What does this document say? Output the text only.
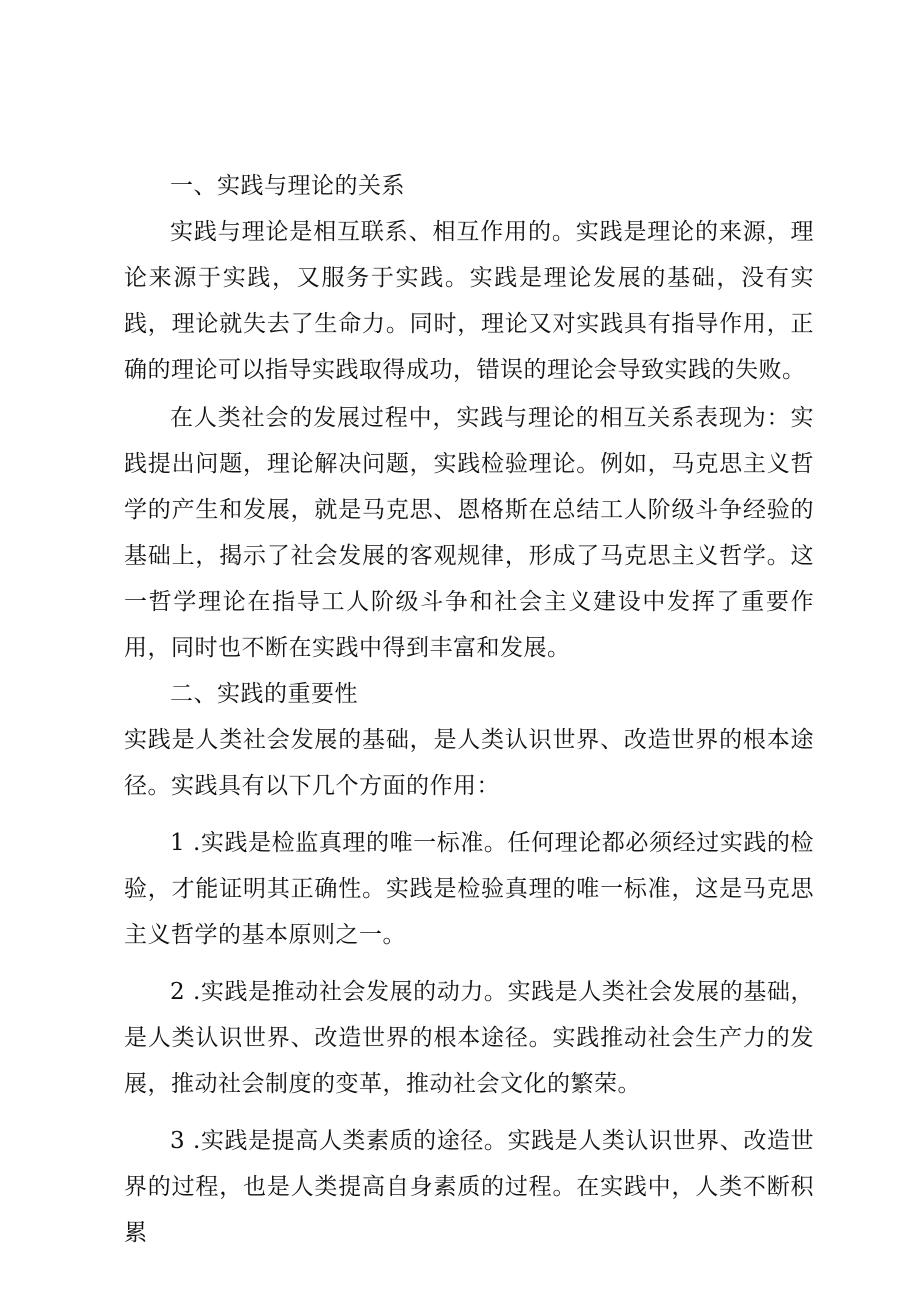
一、实践与理论的关系

实践与理论是相互联系、相互作用的。实践是理论的来源，理论来源于实践，又服务于实践。实践是理论发展的基础，没有实践，理论就失去了生命力。同时，理论又对实践具有指导作用，正确的理论可以指导实践取得成功，错误的理论会导致实践的失败。

在人类社会的发展过程中，实践与理论的相互关系表现为：实践提出问题，理论解决问题，实践检验理论。例如，马克思主义哲学的产生和发展，就是马克思、恩格斯在总结工人阶级斗争经验的基础上，揭示了社会发展的客观规律，形成了马克思主义哲学。这一哲学理论在指导工人阶级斗争和社会主义建设中发挥了重要作用，同时也不断在实践中得到丰富和发展。

二、实践的重要性

实践是人类社会发展的基础，是人类认识世界、改造世界的根本途径。实践具有以下几个方面的作用：

1 .实践是检监真理的唯一标准。任何理论都必须经过实践的检验，才能证明其正确性。实践是检验真理的唯一标准，这是马克思主义哲学的基本原则之一。

2 .实践是推动社会发展的动力。实践是人类社会发展的基础，是人类认识世界、改造世界的根本途径。实践推动社会生产力的发展，推动社会制度的变革，推动社会文化的繁荣。

3 .实践是提高人类素质的途径。实践是人类认识世界、改造世界的过程，也是人类提高自身素质的过程。在实践中，人类不断积累
